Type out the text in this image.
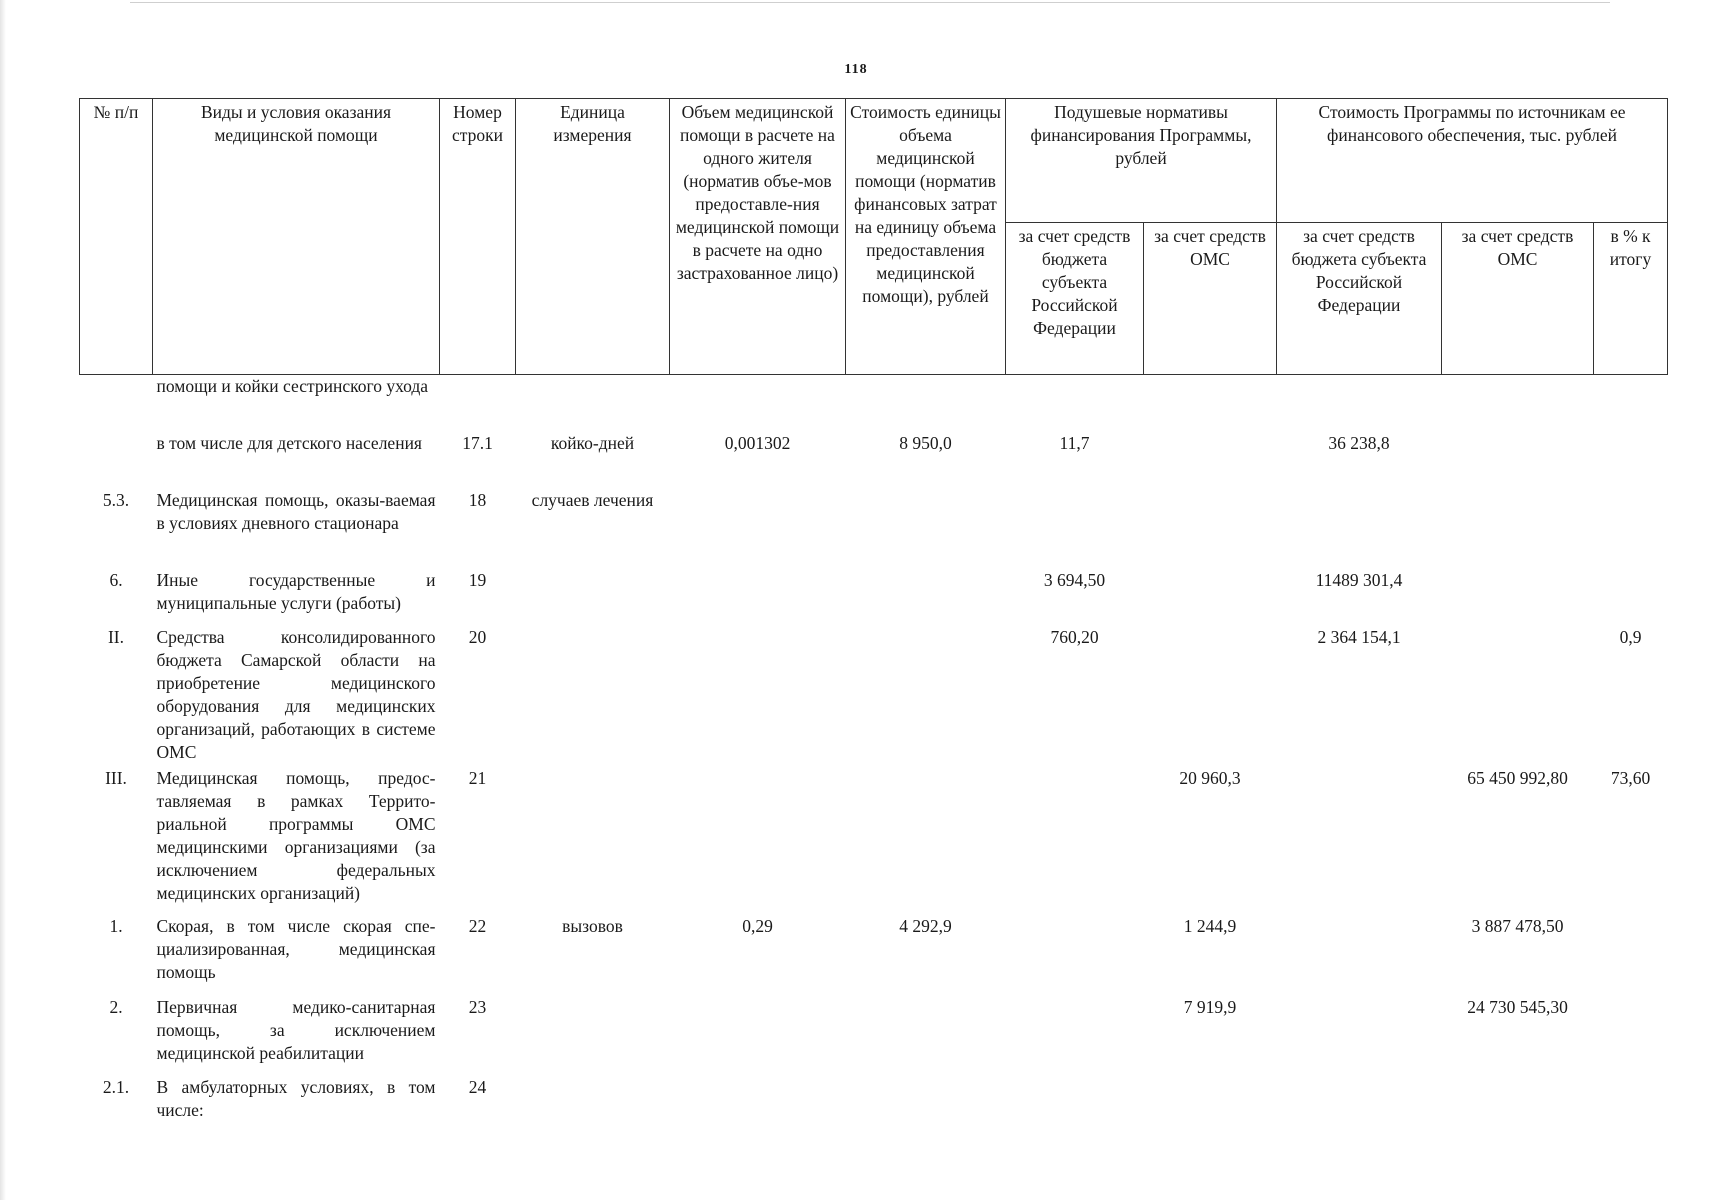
118
№ п/п	Виды и условия оказания медицинской помощи	Номер строки	Единица измерения	Объем медицинской помощи в расчете на одного жителя (норматив объе-мов предоставле-ния медицинской помощи в расчете на одно застрахованное лицо)	Стоимость единицы объема медицинской помощи (норматив финансовых затрат на единицу объема предоставления медицинской помощи), рублей	Подушевые нормативы финансирования Программы, рублей		Стоимость Программы по источникам ее финансового обеспечения, тыс. рублей		
						за счет средств бюджета субъекта Российской Федерации	за счет средств ОМС	за счет средств бюджета субъекта Российской Федерации	за счет средств ОМС	в % к итогу
	помощи и койки сестринского ухода									
	в том числе для детского населения	17.1	койко-дней	0,001302	8 950,0	11,7		36 238,8		
5.3.	Медицинская помощь, оказы-ваемая в условиях дневного стационара	18	случаев лечения							
6.	Иные государственные и муниципальные услуги (работы)	19				3 694,50		11489 301,4		
II.	Средства консолидированного бюджета Самарской области на приобретение медицинского оборудования для медицинских организаций, работающих в системе ОМС	20				760,20		2 364 154,1		0,9
III.	Медицинская помощь, предос-тавляемая в рамках Террито-риальной программы ОМС медицинскими организациями (за исключением федеральных медицинских организаций)	21					20 960,3		65 450 992,80	73,60
1.	Скорая, в том числе скорая спе-циализированная, медицинская помощь	22	вызовов	0,29	4 292,9		1 244,9		3 887 478,50	
2.	Первичная медико-санитарная помощь, за исключением медицинской реабилитации	23					7 919,9		24 730 545,30	
2.1.	В амбулаторных условиях, в том числе:	24								
